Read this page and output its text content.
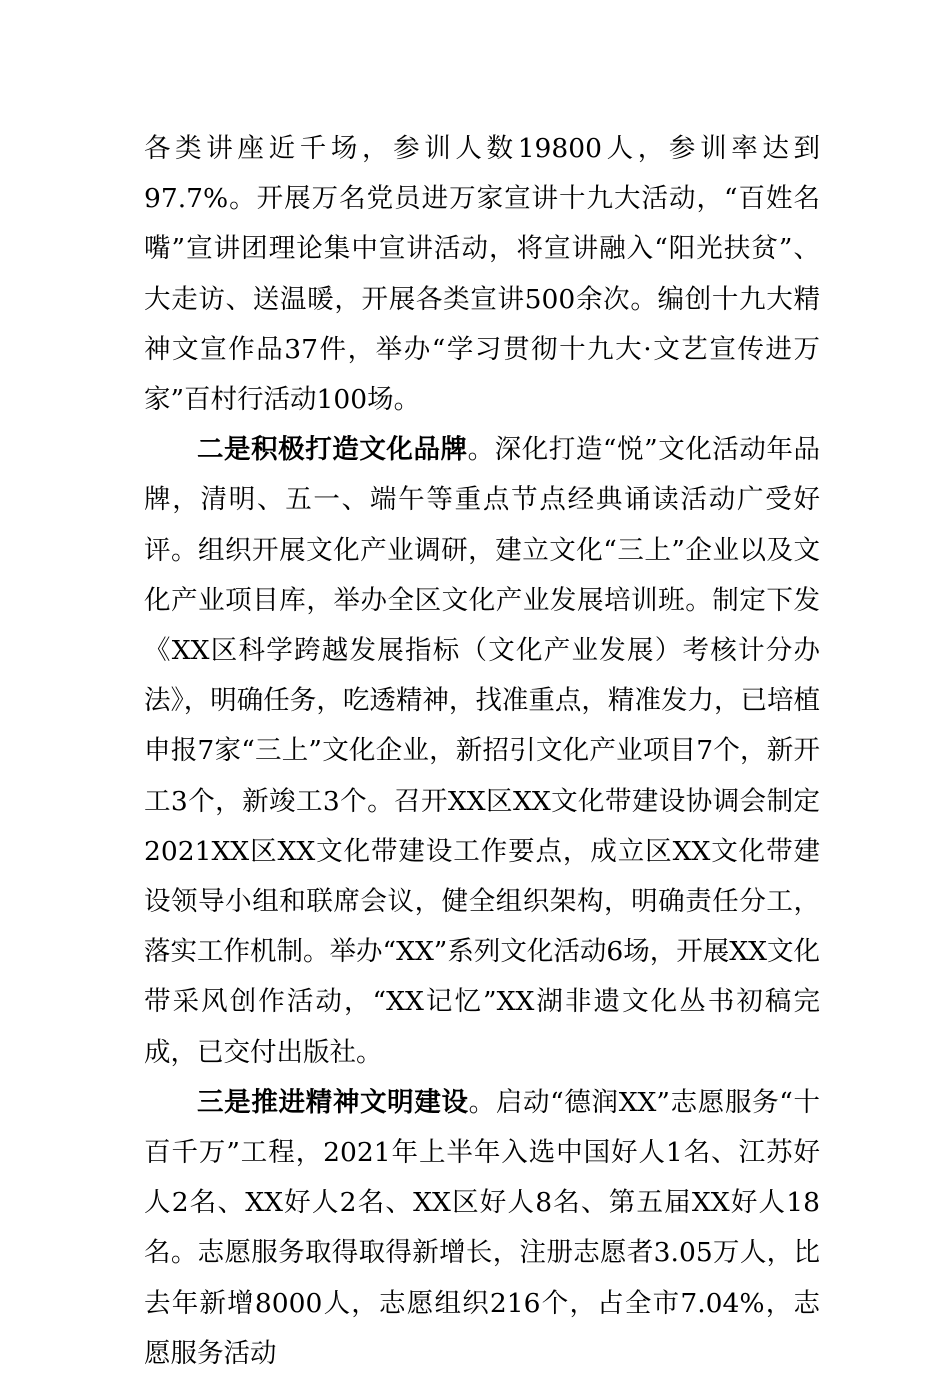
各类讲座近千场，参训人数19800人，参训率达到97.7%。开展万名党员进万家宣讲十九大活动，“百姓名嘴”宣讲团理论集中宣讲活动，将宣讲融入“阳光扶贫”、大走访、送温暖，开展各类宣讲500余次。编创十九大精神文宣作品37件，举办“学习贯彻十九大·文艺宣传进万家”百村行活动100场。

二是积极打造文化品牌。深化打造“悦”文化活动年品牌，清明、五一、端午等重点节点经典诵读活动广受好评。组织开展文化产业调研，建立文化“三上”企业以及文化产业项目库，举办全区文化产业发展培训班。制定下发《XX区科学跨越发展指标（文化产业发展）考核计分办法》，明确任务，吃透精神，找准重点，精准发力，已培植申报7家“三上”文化企业，新招引文化产业项目7个，新开工3个，新竣工3个。召开XX区XX文化带建设协调会制定2021XX区XX文化带建设工作要点，成立区XX文化带建设领导小组和联席会议，健全组织架构，明确责任分工，落实工作机制。举办“XX”系列文化活动6场，开展XX文化带采风创作活动，“XX记忆”XX湖非遗文化丛书初稿完成，已交付出版社。

三是推进精神文明建设。启动“德润XX”志愿服务“十百千万”工程，2021年上半年入选中国好人1名、江苏好人2名、XX好人2名、XX区好人8名、第五届XX好人18名。志愿服务取得取得新增长，注册志愿者3.05万人，比去年新增8000人，志愿组织216个，占全市7.04%，志愿服务活动
